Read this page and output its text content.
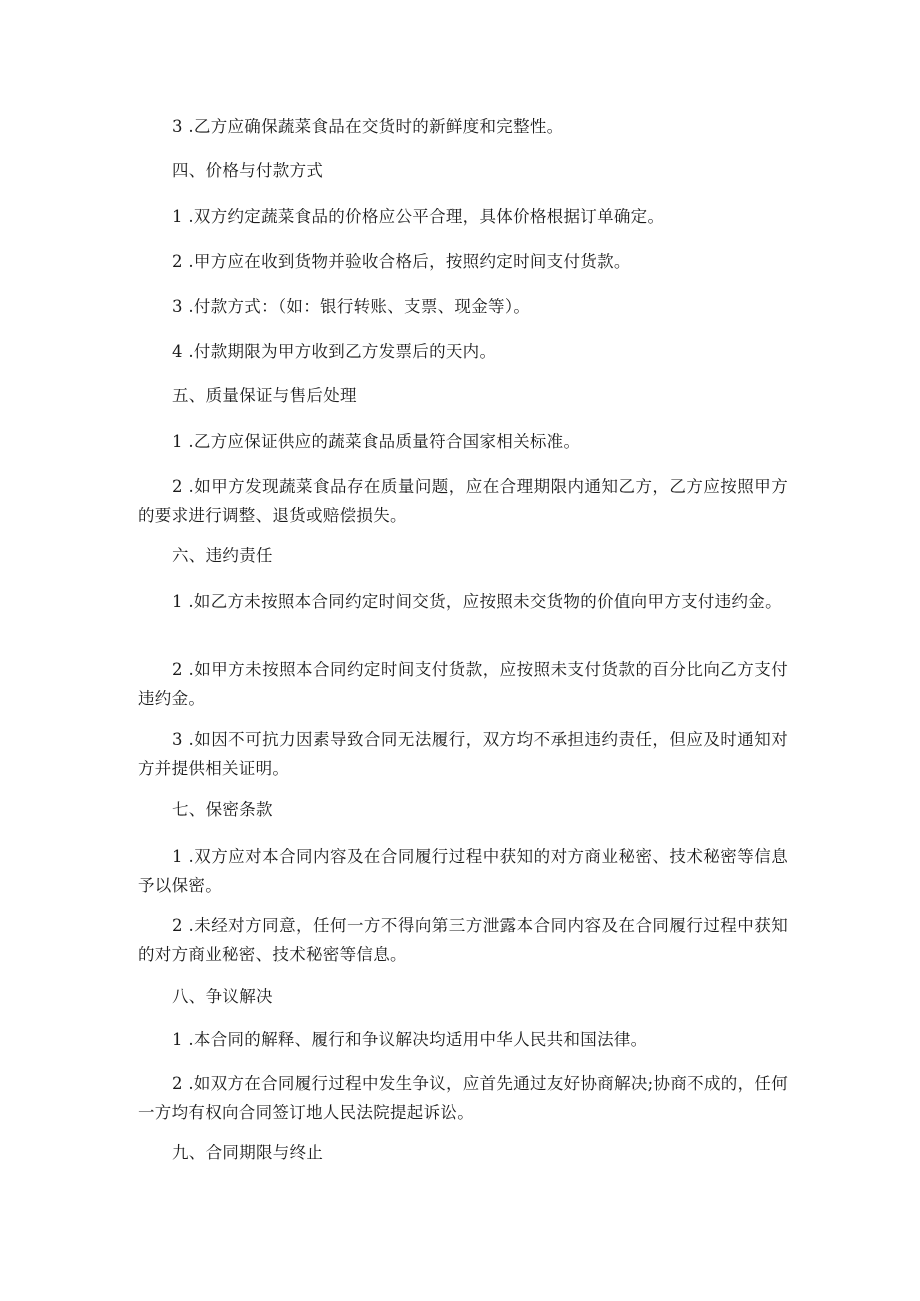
3 .乙方应确保蔬菜食品在交货时的新鲜度和完整性。
四、价格与付款方式
1 .双方约定蔬菜食品的价格应公平合理，具体价格根据订单确定。
2 .甲方应在收到货物并验收合格后，按照约定时间支付货款。
3 .付款方式：（如：银行转账、支票、现金等）。
4 .付款期限为甲方收到乙方发票后的天内。
五、质量保证与售后处理
1 .乙方应保证供应的蔬菜食品质量符合国家相关标准。
2 .如甲方发现蔬菜食品存在质量问题，应在合理期限内通知乙方，乙方应按照甲方的要求进行调整、退货或赔偿损失。
六、违约责任
1 .如乙方未按照本合同约定时间交货，应按照未交货物的价值向甲方支付违约金。
2 .如甲方未按照本合同约定时间支付货款，应按照未支付货款的百分比向乙方支付违约金。
3 .如因不可抗力因素导致合同无法履行，双方均不承担违约责任，但应及时通知对方并提供相关证明。
七、保密条款
1 .双方应对本合同内容及在合同履行过程中获知的对方商业秘密、技术秘密等信息予以保密。
2 .未经对方同意，任何一方不得向第三方泄露本合同内容及在合同履行过程中获知的对方商业秘密、技术秘密等信息。
八、争议解决
1 .本合同的解释、履行和争议解决均适用中华人民共和国法律。
2 .如双方在合同履行过程中发生争议，应首先通过友好协商解决;协商不成的，任何一方均有权向合同签订地人民法院提起诉讼。
九、合同期限与终止
